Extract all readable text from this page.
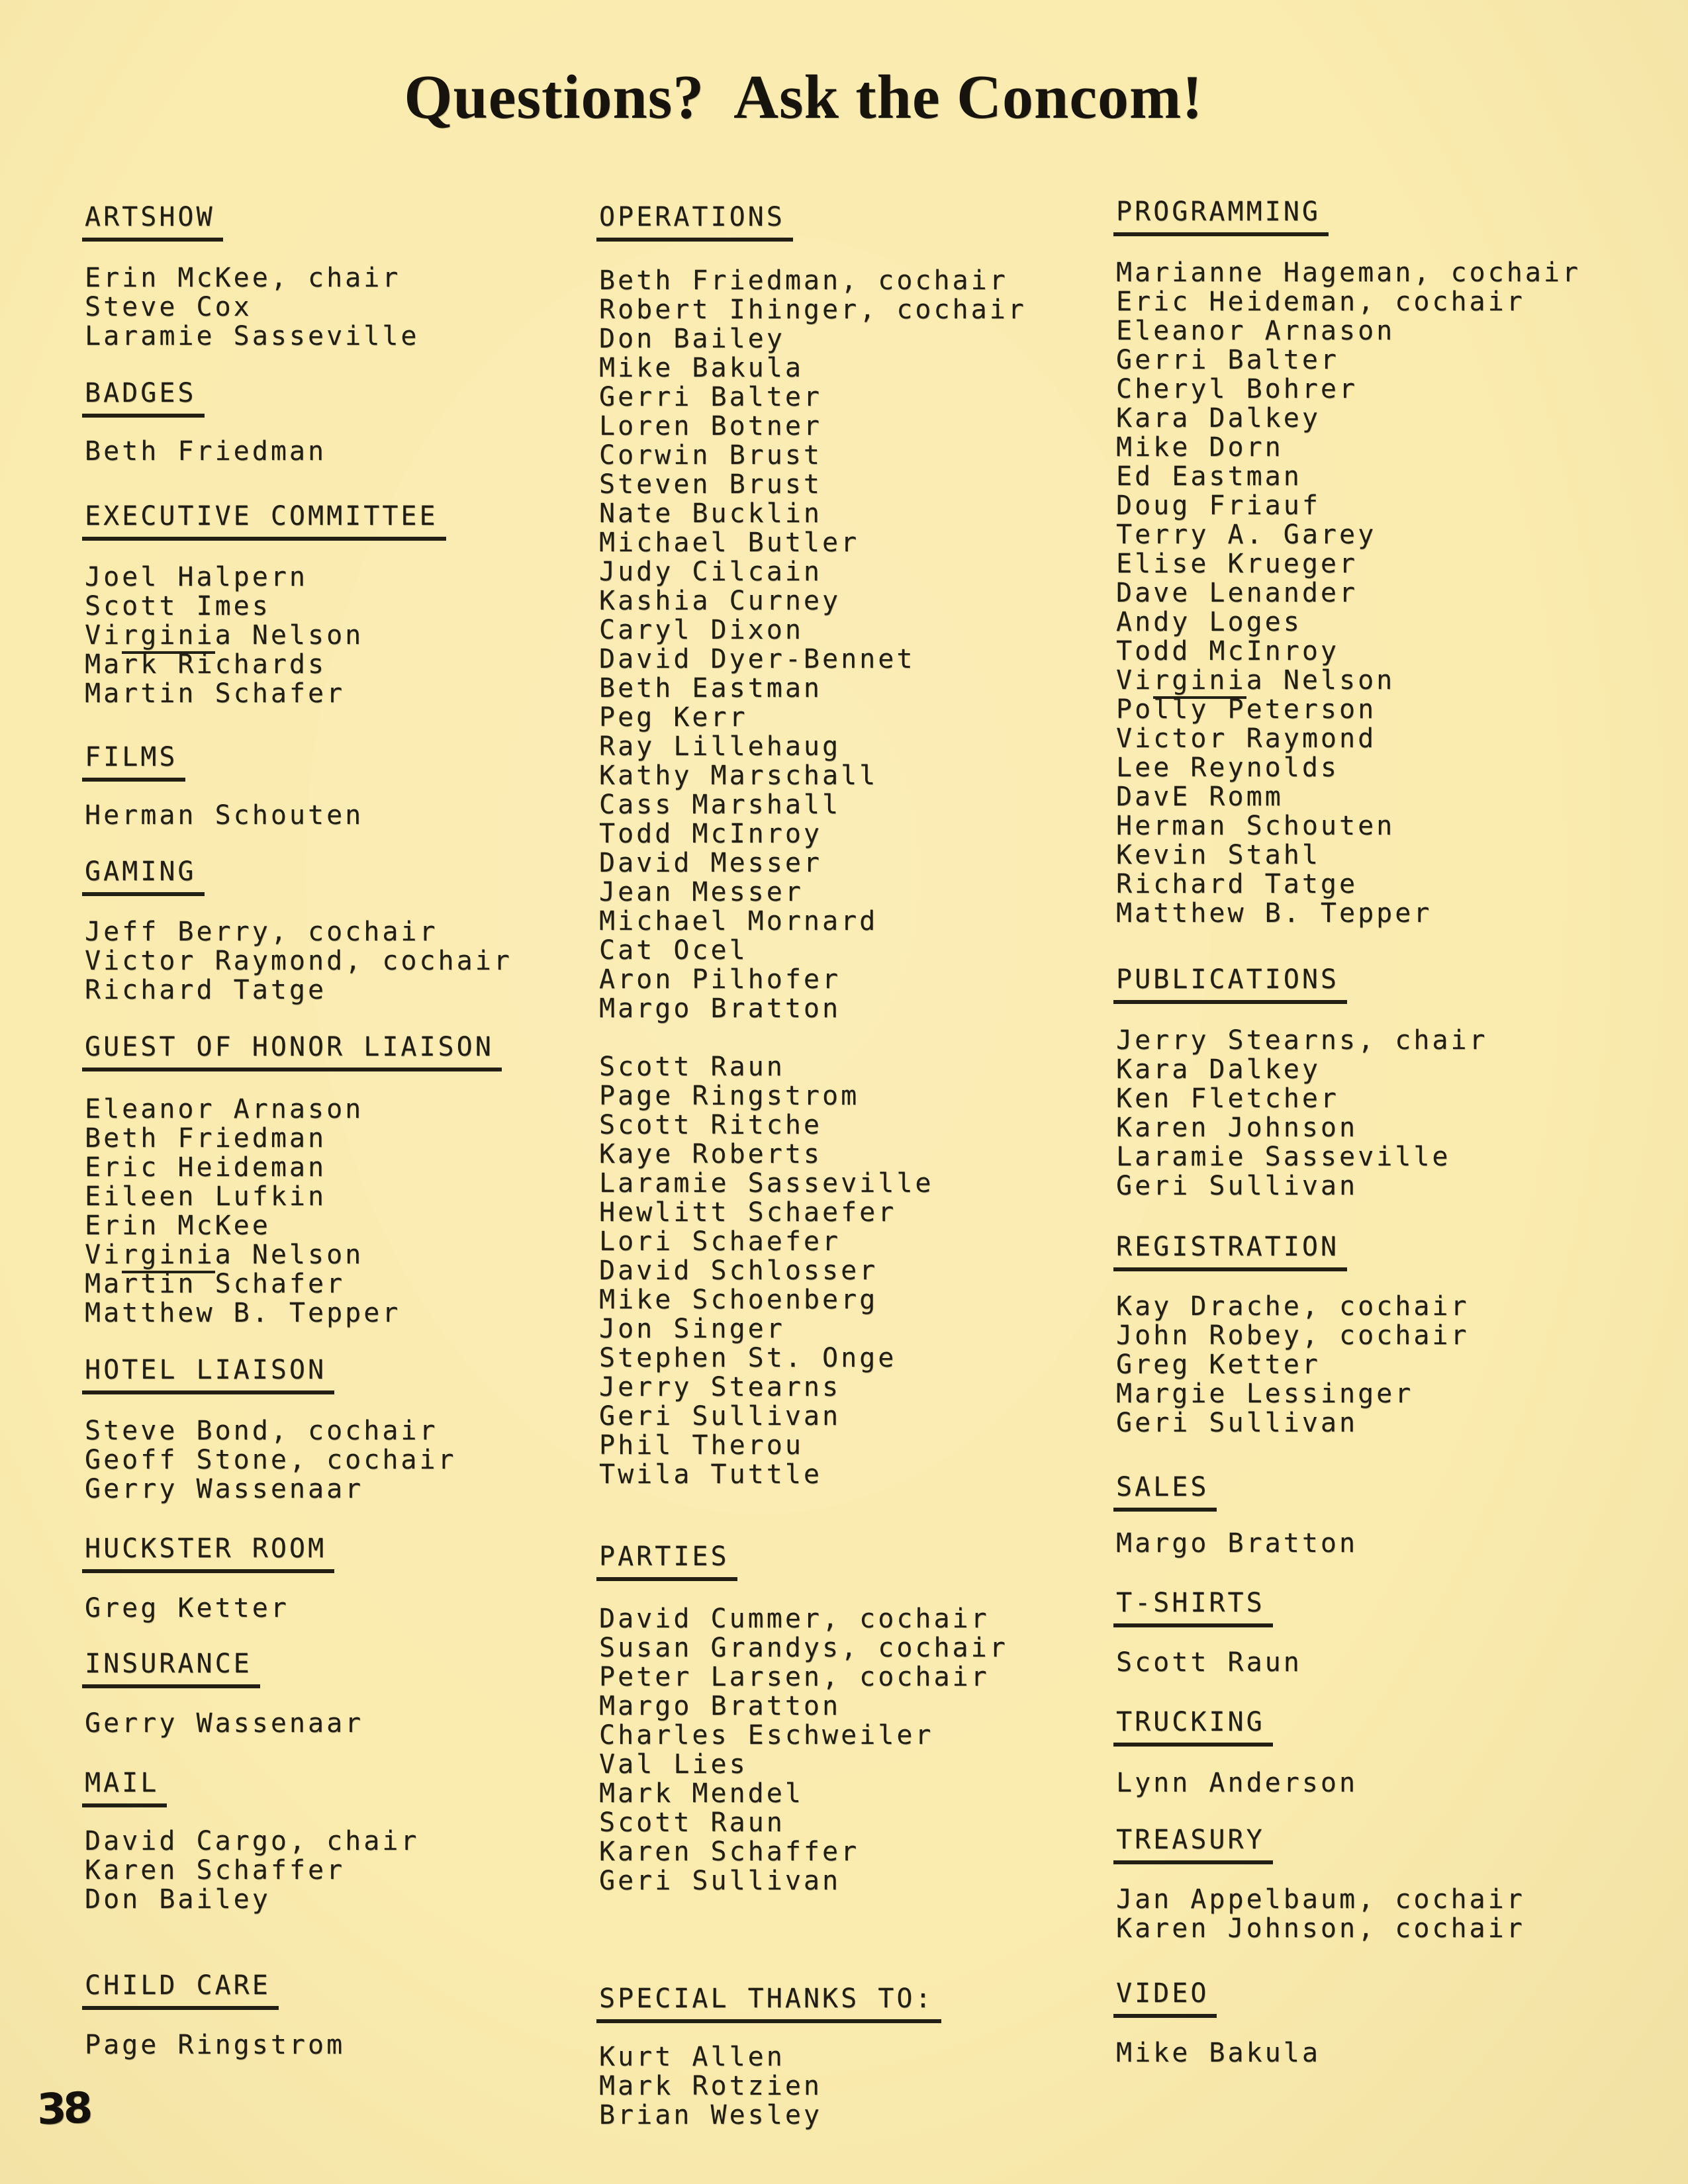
Questions?  Ask the Concom!
ARTSHOW
Erin McKee, chair
Steve Cox
Laramie Sasseville
BADGES
Beth Friedman
EXECUTIVE COMMITTEE
Joel Halpern
Scott Imes
Virginia Nelson
Mark Richards
Martin Schafer
FILMS
Herman Schouten
GAMING
Jeff Berry, cochair
Victor Raymond, cochair
Richard Tatge
GUEST OF HONOR LIAISON
Eleanor Arnason
Beth Friedman
Eric Heideman
Eileen Lufkin
Erin McKee
Virginia Nelson
Martin Schafer
Matthew B. Tepper
HOTEL LIAISON
Steve Bond, cochair
Geoff Stone, cochair
Gerry Wassenaar
HUCKSTER ROOM
Greg Ketter
INSURANCE
Gerry Wassenaar
MAIL
David Cargo, chair
Karen Schaffer
Don Bailey
CHILD CARE
Page Ringstrom
OPERATIONS
Beth Friedman, cochair
Robert Ihinger, cochair
Don Bailey
Mike Bakula
Gerri Balter
Loren Botner
Corwin Brust
Steven Brust
Nate Bucklin
Michael Butler
Judy Cilcain
Kashia Curney
Caryl Dixon
David Dyer-Bennet
Beth Eastman
Peg Kerr
Ray Lillehaug
Kathy Marschall
Cass Marshall
Todd McInroy
David Messer
Jean Messer
Michael Mornard
Cat Ocel
Aron Pilhofer
Margo Bratton
Scott Raun
Page Ringstrom
Scott Ritche
Kaye Roberts
Laramie Sasseville
Hewlitt Schaefer
Lori Schaefer
David Schlosser
Mike Schoenberg
Jon Singer
Stephen St. Onge
Jerry Stearns
Geri Sullivan
Phil Therou
Twila Tuttle
PARTIES
David Cummer, cochair
Susan Grandys, cochair
Peter Larsen, cochair
Margo Bratton
Charles Eschweiler
Val Lies
Mark Mendel
Scott Raun
Karen Schaffer
Geri Sullivan
SPECIAL THANKS TO:
Kurt Allen
Mark Rotzien
Brian Wesley
PROGRAMMING
Marianne Hageman, cochair
Eric Heideman, cochair
Eleanor Arnason
Gerri Balter
Cheryl Bohrer
Kara Dalkey
Mike Dorn
Ed Eastman
Doug Friauf
Terry A. Garey
Elise Krueger
Dave Lenander
Andy Loges
Todd McInroy
Virginia Nelson
Polly Peterson
Victor Raymond
Lee Reynolds
DavE Romm
Herman Schouten
Kevin Stahl
Richard Tatge
Matthew B. Tepper
PUBLICATIONS
Jerry Stearns, chair
Kara Dalkey
Ken Fletcher
Karen Johnson
Laramie Sasseville
Geri Sullivan
REGISTRATION
Kay Drache, cochair
John Robey, cochair
Greg Ketter
Margie Lessinger
Geri Sullivan
SALES
Margo Bratton
T-SHIRTS
Scott Raun
TRUCKING
Lynn Anderson
TREASURY
Jan Appelbaum, cochair
Karen Johnson, cochair
VIDEO
Mike Bakula
38
